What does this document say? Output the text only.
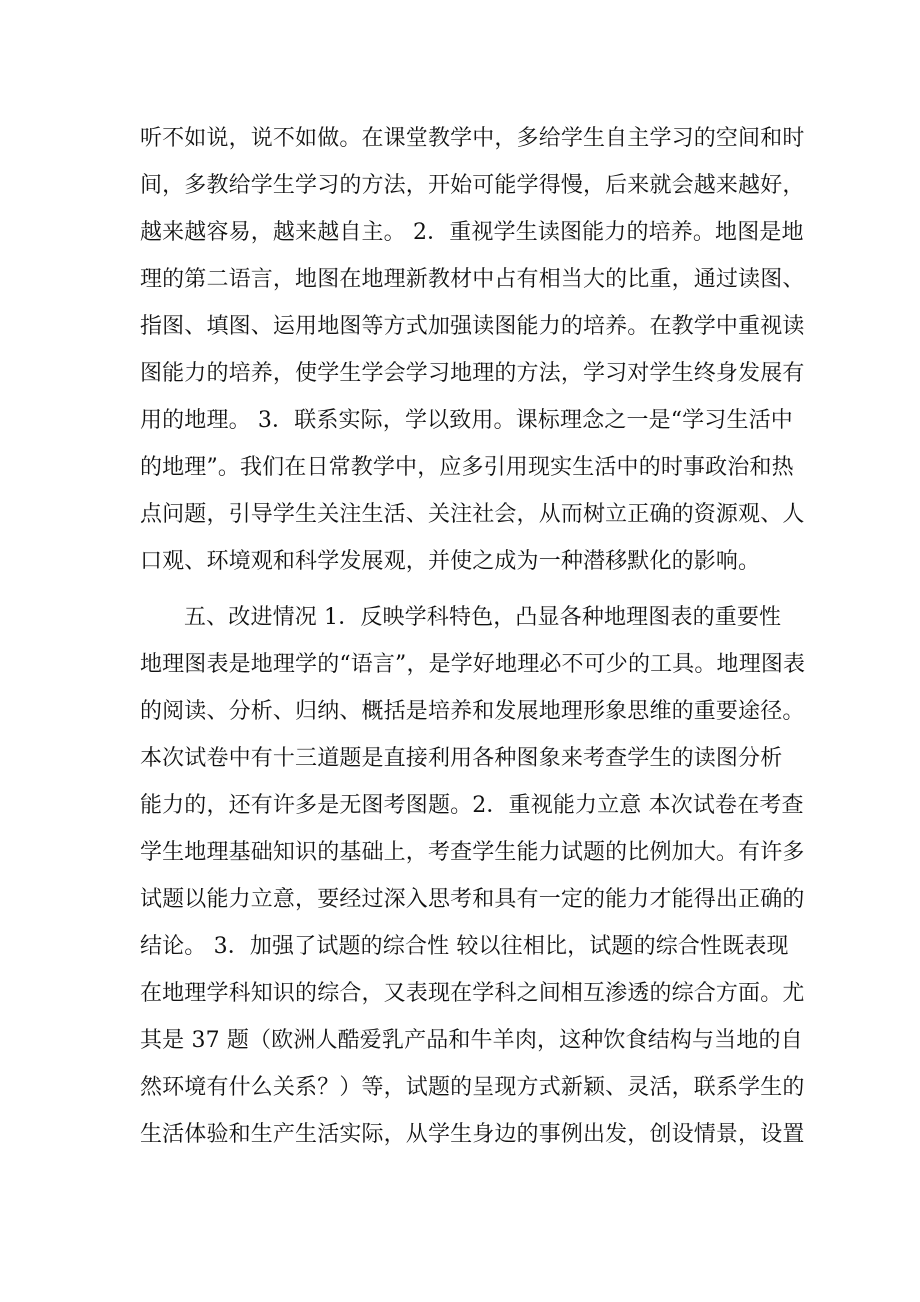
听不如说，说不如做。在课堂教学中，多给学生自主学习的空间和时
间，多教给学生学习的方法，开始可能学得慢，后来就会越来越好，
越来越容易，越来越自主。 2．重视学生读图能力的培养。地图是地
理的第二语言，地图在地理新教材中占有相当大的比重，通过读图、
指图、填图、运用地图等方式加强读图能力的培养。在教学中重视读
图能力的培养，使学生学会学习地理的方法，学习对学生终身发展有
用的地理。 3．联系实际，学以致用。课标理念之一是“学习生活中
的地理”。我们在日常教学中，应多引用现实生活中的时事政治和热
点问题，引导学生关注生活、关注社会，从而树立正确的资源观、人
口观、环境观和科学发展观，并使之成为一种潜移默化的影响。
五、改进情况 1．反映学科特色，凸显各种地理图表的重要性
地理图表是地理学的“语言”，是学好地理必不可少的工具。地理图表
的阅读、分析、归纳、概括是培养和发展地理形象思维的重要途径。
本次试卷中有十三道题是直接利用各种图象来考查学生的读图分析
能力的，还有许多是无图考图题。2．重视能力立意 本次试卷在考查
学生地理基础知识的基础上，考查学生能力试题的比例加大。有许多
试题以能力立意，要经过深入思考和具有一定的能力才能得出正确的
结论。 3．加强了试题的综合性 较以往相比，试题的综合性既表现
在地理学科知识的综合，又表现在学科之间相互渗透的综合方面。尤
其是 37 题（欧洲人酷爱乳产品和牛羊肉，这种饮食结构与当地的自
然环境有什么关系？）等，试题的呈现方式新颖、灵活，联系学生的
生活体验和生产生活实际，从学生身边的事例出发，创设情景，设置
